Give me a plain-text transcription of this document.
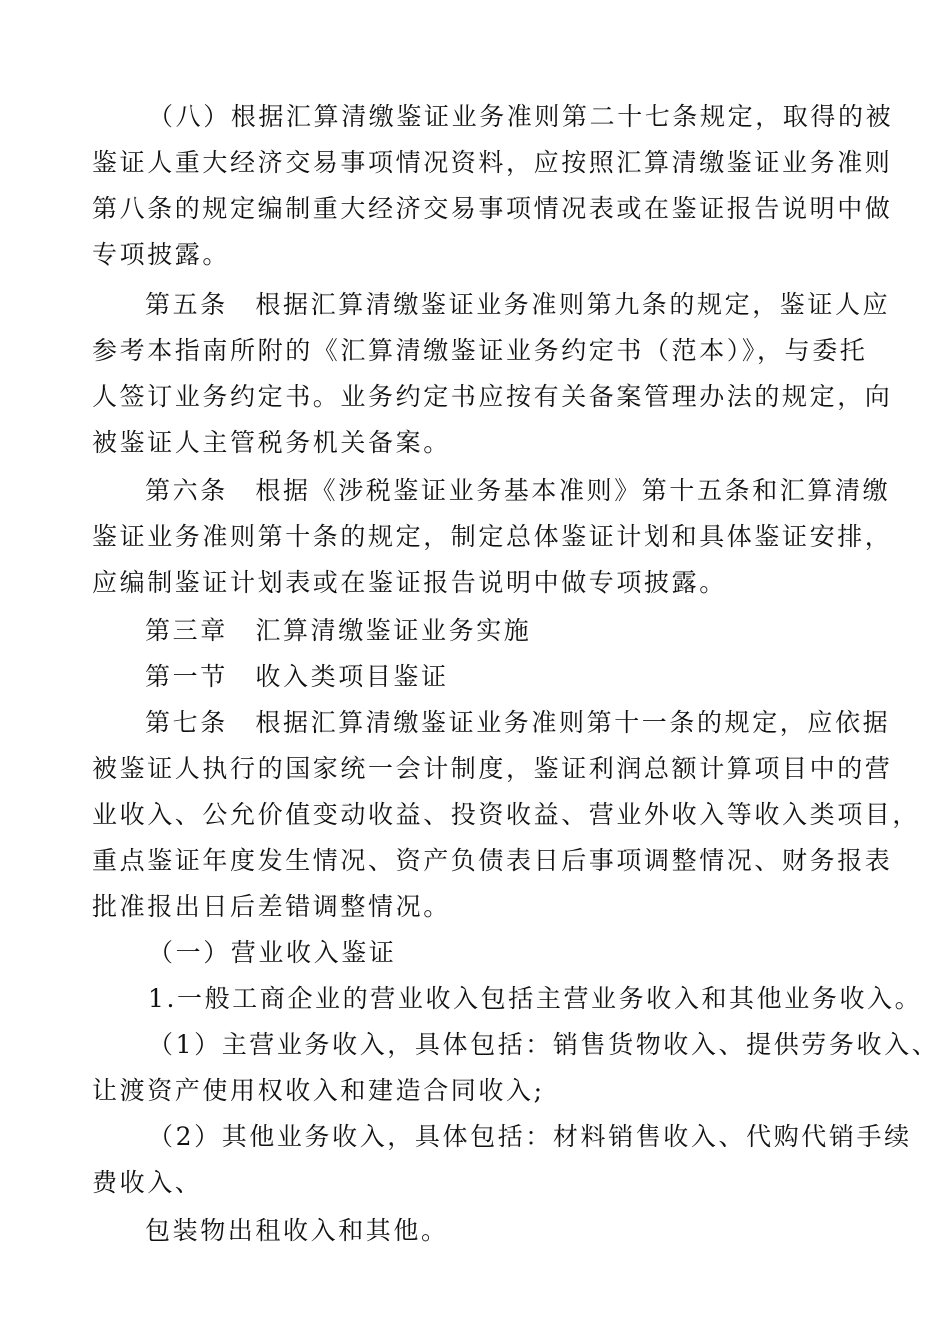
（八）根据汇算清缴鉴证业务准则第二十七条规定，取得的被
鉴证人重大经济交易事项情况资料，应按照汇算清缴鉴证业务准则
第八条的规定编制重大经济交易事项情况表或在鉴证报告说明中做
专项披露。
第五条　根据汇算清缴鉴证业务准则第九条的规定，鉴证人应
参考本指南所附的《汇算清缴鉴证业务约定书（范本）》，与委托
人签订业务约定书。业务约定书应按有关备案管理办法的规定，向
被鉴证人主管税务机关备案。
第六条　根据《涉税鉴证业务基本准则》第十五条和汇算清缴
鉴证业务准则第十条的规定，制定总体鉴证计划和具体鉴证安排，
应编制鉴证计划表或在鉴证报告说明中做专项披露。
第三章　汇算清缴鉴证业务实施
第一节　收入类项目鉴证
第七条　根据汇算清缴鉴证业务准则第十一条的规定，应依据
被鉴证人执行的国家统一会计制度，鉴证利润总额计算项目中的营
业收入、公允价值变动收益、投资收益、营业外收入等收入类项目，
重点鉴证年度发生情况、资产负债表日后事项调整情况、财务报表
批准报出日后差错调整情况。
（一）营业收入鉴证
1.一般工商企业的营业收入包括主营业务收入和其他业务收入。
（1）主营业务收入，具体包括：销售货物收入、提供劳务收入、
让渡资产使用权收入和建造合同收入;
（2）其他业务收入，具体包括：材料销售收入、代购代销手续
费收入、
包装物出租收入和其他。
